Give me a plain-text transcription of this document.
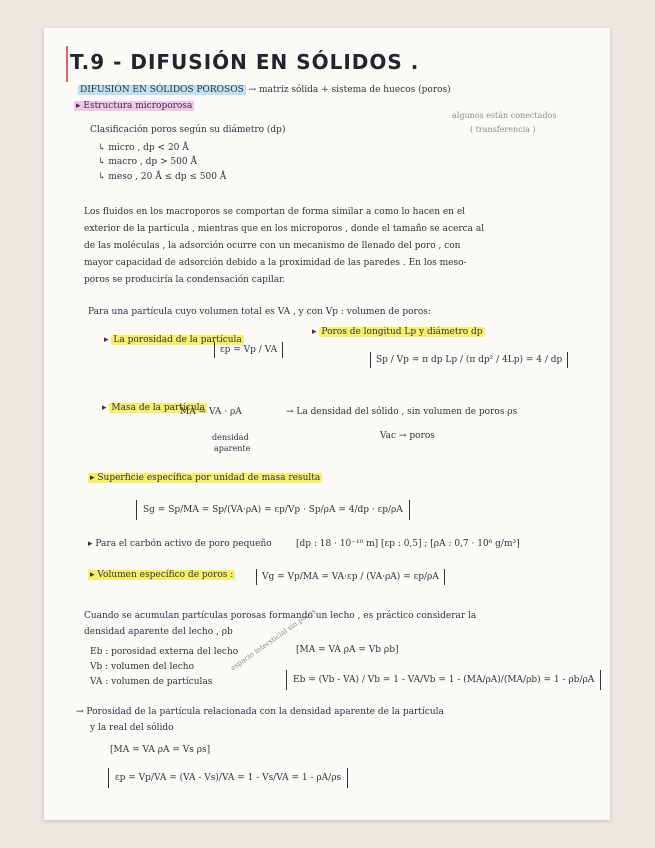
T.9 - DIFUSIÓN EN SÓLIDOS .
DIFUSIÓN EN SÓLIDOS POROSOS → matriz sólida + sistema de huecos (poros)
algunos están conectados
( transferencia )
▸ Estructura microporosa
Clasificación poros según su diámetro (dp)
↳ micro , dp < 20 Å
↳ macro , dp > 500 Å
↳ meso , 20 Å ≤ dp ≤ 500 Å
Los fluidos en los macroporos se comportan de forma similar a como lo hacen en el
exterior de la partícula , mientras que en los microporos , donde el tamaño se acerca al
de las moléculas , la adsorción ocurre con un mecanismo de llenado del poro , con
mayor capacidad de adsorción debido a la proximidad de las paredes . En los meso-
poros se produciría la condensación capilar.
Para una partícula cuyo volumen total es VA , y con Vp : volumen de poros:
▸ La porosidad de la partícula
εp = Vp / VA
▸ Poros de longitud Lp y diámetro dp
Sp / Vp = π dp Lp / (π dp² / 4Lp) = 4 / dp
▸ Masa de la partícula
MA = VA · ρA
densidad
aparente
→ La densidad del sólido , sin volumen de poros ρs
Vac → poros
▸ Superficie específica por unidad de masa resulta
Sg = Sp/MA = Sp/(VA·ρA) = εp/Vp · Sp/ρA = 4/dp · εp/ρA
▸ Para el carbón activo de poro pequeño	[dp : 18 · 10⁻¹⁰ m] [εp : 0,5] ; [ρA : 0,7 · 10⁶ g/m³]
▸ Volumen específico de poros :	Vg = Vp/MA = VA·εp / (VA·ρA) = εp/ρA
Cuando se acumulan partículas porosas formando un lecho , es práctico considerar la
densidad aparente del lecho , ρb
Eb : porosidad externa del lecho
Vb : volumen del lecho
VA : volumen de partículas
espacio intersticial sin poros
[MA = VA ρA = Vb ρb]
Eb = (Vb - VA) / Vb = 1 - VA/Vb = 1 - (MA/ρA)/(MA/ρb) = 1 - ρb/ρA
→ Porosidad de la partícula relacionada con la densidad aparente de la partícula
y la real del sólido
[MA = VA ρA = Vs ρs]
εp = Vp/VA = (VA - Vs)/VA = 1 - Vs/VA = 1 - ρA/ρs
